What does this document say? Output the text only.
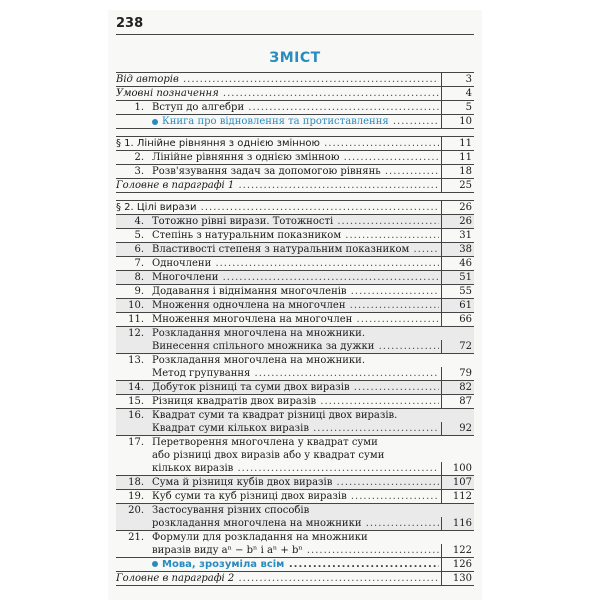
238
ЗМІСТ
Від авторів .....	3
Умовні позначення .....	4
1. Вступ до алгебри .....	5
Книга про відновлення та протиставлення .....	10
§ 1. Лінійне рівняння з однією змінною .....	11
2. Лінійне рівняння з однією змінною .....	11
3. Розв'язування задач за допомогою рівнянь .....	18
Головне в параграфі 1 .....	25
§ 2. Цілі вирази .....	26
4. Тотожно рівні вирази. Тотожності .....	26
5. Степінь з натуральним показником .....	31
6. Властивості степеня з натуральним показником .....	38
7. Одночлени .....	46
8. Многочлени .....	51
9. Додавання і віднімання многочленів .....	55
10. Множення одночлена на многочлен .....	61
11. Множення многочлена на многочлен .....	66
12. Розкладання многочлена на множники.
Винесення спільного множника за дужки .....	72
13. Розкладання многочлена на множники.
Метод групування .....	79
14. Добуток різниці та суми двох виразів .....	82
15. Різниця квадратів двох виразів .....	87
16. Квадрат суми та квадрат різниці двох виразів.
Квадрат суми кількох виразів .....	92
17. Перетворення многочлена у квадрат суми
або різниці двох виразів або у квадрат суми
кількох виразів .....	100
18. Сума й різниця кубів двох виразів .....	107
19. Куб суми та куб різниці двох виразів .....	112
20. Застосування різних способів
розкладання многочлена на множники .....	116
21. Формули для розкладання на множники
виразів виду aⁿ − bⁿ і aⁿ + bⁿ .....	122
Мова, зрозуміла всім .....	126
Головне в параграфі 2 .....	130
